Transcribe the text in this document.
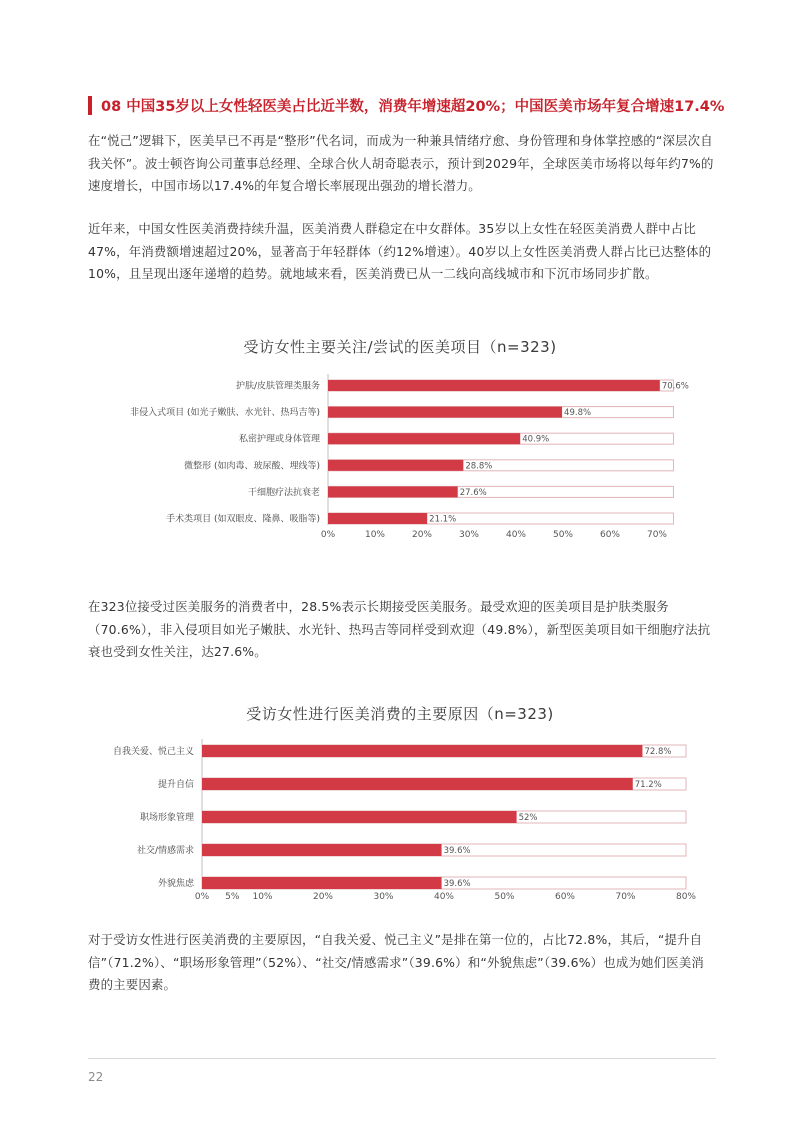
08 中国35岁以上女性轻医美占比近半数，消费年增速超20%；中国医美市场年复合增速17.4%

在“悦己”逻辑下，医美早已不再是“整形”代名词，而成为一种兼具情绪疗愈、身份管理和身体掌控感的“深层次自我关怀”。波士顿咨询公司董事总经理、全球合伙人胡奇聪表示，预计到2029年，全球医美市场将以每年约7%的速度增长，中国市场以17.4%的年复合增长率展现出强劲的增长潜力。

近年来，中国女性医美消费持续升温，医美消费人群稳定在中女群体。35岁以上女性在轻医美消费人群中占比47%，年消费额增速超过20%，显著高于年轻群体（约12%增速）。40岁以上女性医美消费人群占比已达整体的10%，且呈现出逐年递增的趋势。就地域来看，医美消费已从一二线向高线城市和下沉市场同步扩散。

受访女性主要关注/尝试的医美项目（n=323)
护肤/皮肤管理类服务	70.6%
非侵入式项目 (如光子嫩肤、水光针、热玛吉等)	49.8%
私密护理或身体管理	40.9%
微整形 (如肉毒、玻尿酸、埋线等)	28.8%
干细胞疗法抗衰老	27.6%
手术类项目 (如双眼皮、隆鼻、吸脂等)	21.1%
0%	10%	20%	30%	40%	50%	60%	70%

在323位接受过医美服务的消费者中，28.5%表示长期接受医美服务。最受欢迎的医美项目是护肤类服务（70.6%），非入侵项目如光子嫩肤、水光针、热玛吉等同样受到欢迎（49.8%），新型医美项目如干细胞疗法抗衰也受到女性关注，达27.6%。

受访女性进行医美消费的主要原因（n=323)
自我关爱、悦己主义	72.8%
提升自信	71.2%
职场形象管理	52%
社交/情感需求	39.6%
外貌焦虑	39.6%
0% 5% 10%	20%	30%	40%	50%	60%	70%	80%

对于受访女性进行医美消费的主要原因，“自我关爱、悦己主义”是排在第一位的，占比72.8%，其后，“提升自信”（71.2%）、“职场形象管理”（52%）、“社交/情感需求”（39.6%）和“外貌焦虑”（39.6%）也成为她们医美消费的主要因素。

22
